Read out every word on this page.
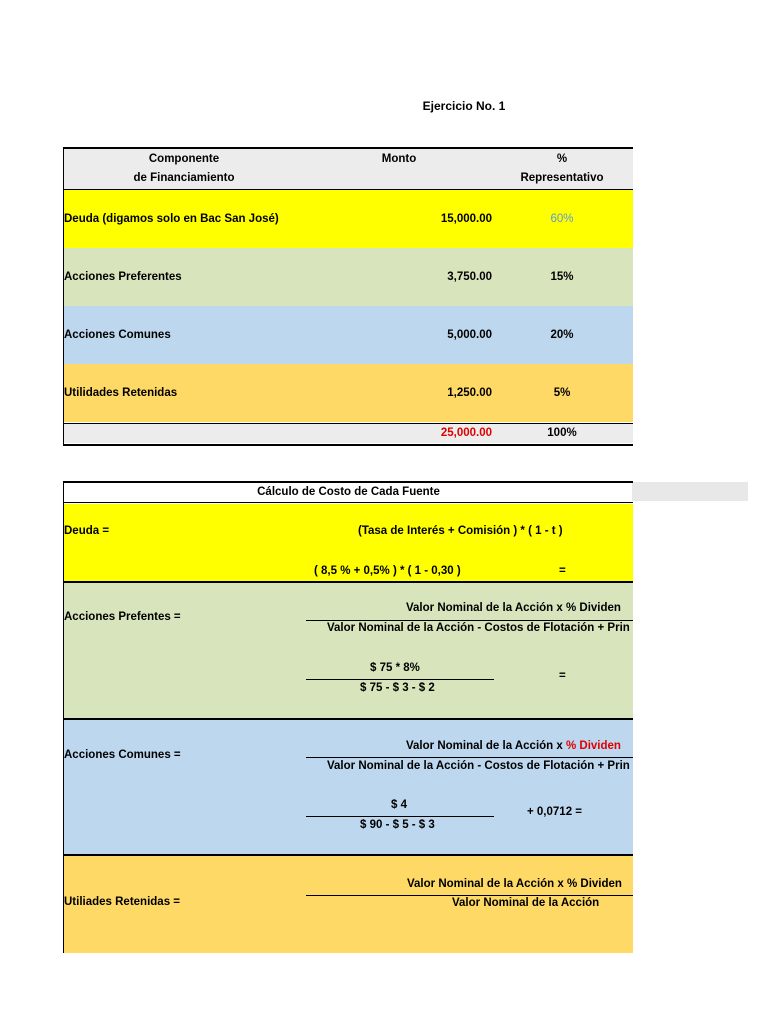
Ejercicio No. 1
Componente
de Financiamiento
Monto	%
Representativo
Deuda (digamos solo en Bac San José)	15,000.00	60%
Acciones Preferentes	3,750.00	15%
Acciones Comunes	5,000.00	20%
Utilidades Retenidas	1,250.00	5%
25,000.00	100%
Cálculo de Costo de Cada Fuente
Deuda =	(Tasa de Interés + Comisión ) * ( 1 - t )
( 8,5 % + 0,5% ) * ( 1 - 0,30 )	=
Acciones Prefentes =
Valor Nominal de la Acción x % Dividen
Valor Nominal de la Acción - Costos de Flotación + Prin
$ 75 * 8%
$ 75 - $ 3 - $ 2
=
Acciones Comunes =
Valor Nominal de la Acción x % Dividen
Valor Nominal de la Acción - Costos de Flotación + Prin
$ 4
$ 90 - $ 5 - $ 3
+ 0,0712 =
Utiliades Retenidas =
Valor Nominal de la Acción x % Dividen
Valor Nominal de la Acción
